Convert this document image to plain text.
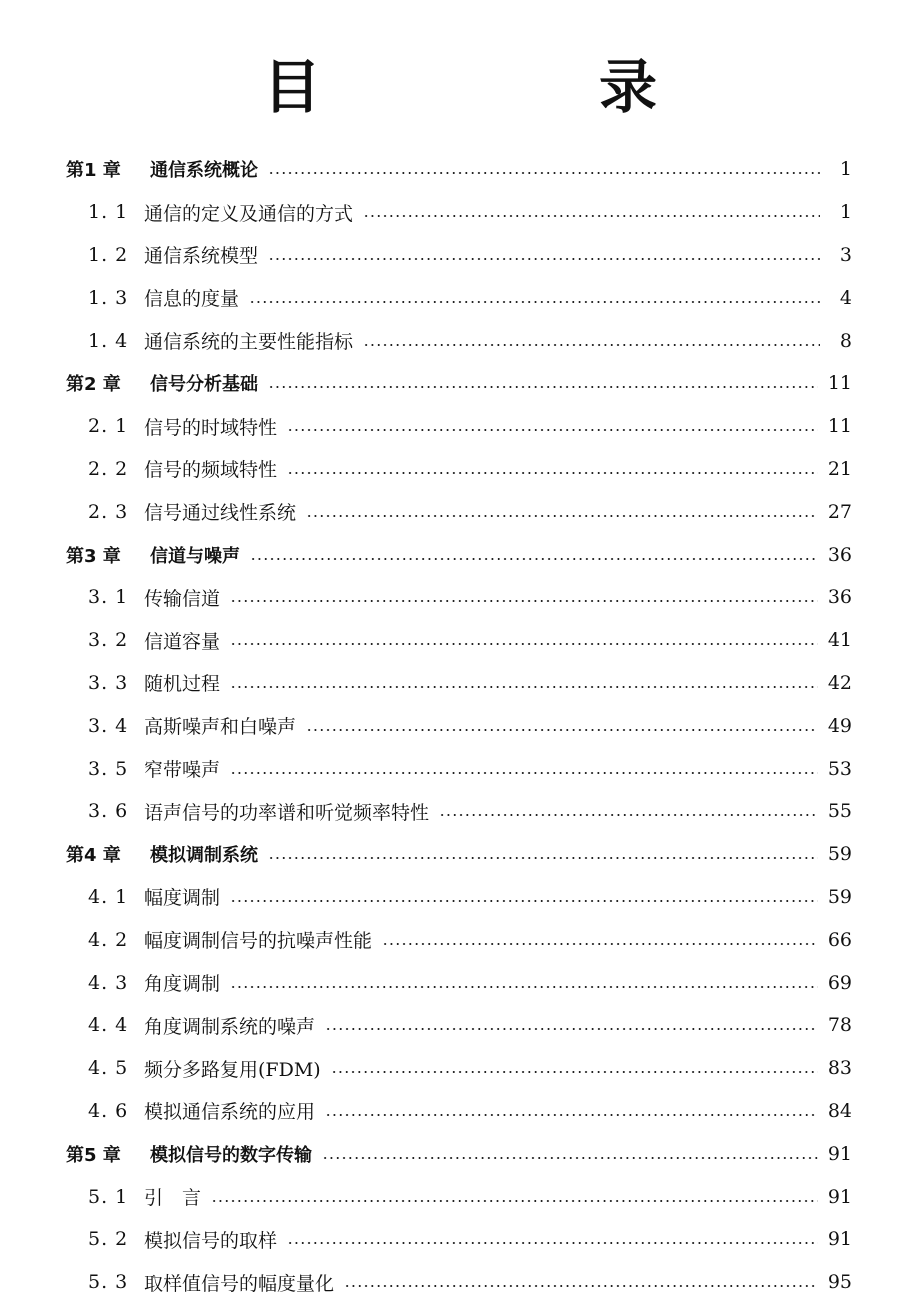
目　录
第1 章	通信系统概论	1
1. 1 通信的定义及通信的方式	1
1. 2 通信系统模型	3
1. 3 信息的度量	4
1. 4 通信系统的主要性能指标	8
第2 章	信号分析基础	11
2. 1 信号的时域特性	11
2. 2 信号的频域特性	21
2. 3 信号通过线性系统	27
第3 章	信道与噪声	36
3. 1 传输信道	36
3. 2 信道容量	41
3. 3 随机过程	42
3. 4 高斯噪声和白噪声	49
3. 5 窄带噪声	53
3. 6 语声信号的功率谱和听觉频率特性	55
第4 章	模拟调制系统	59
4. 1 幅度调制	59
4. 2 幅度调制信号的抗噪声性能	66
4. 3 角度调制	69
4. 4 角度调制系统的噪声	78
4. 5 频分多路复用(FDM)	83
4. 6 模拟通信系统的应用	84
第5 章	模拟信号的数字传输	91
5. 1 引　言	91
5. 2 模拟信号的取样	91
5. 3 取样值信号的幅度量化	95
